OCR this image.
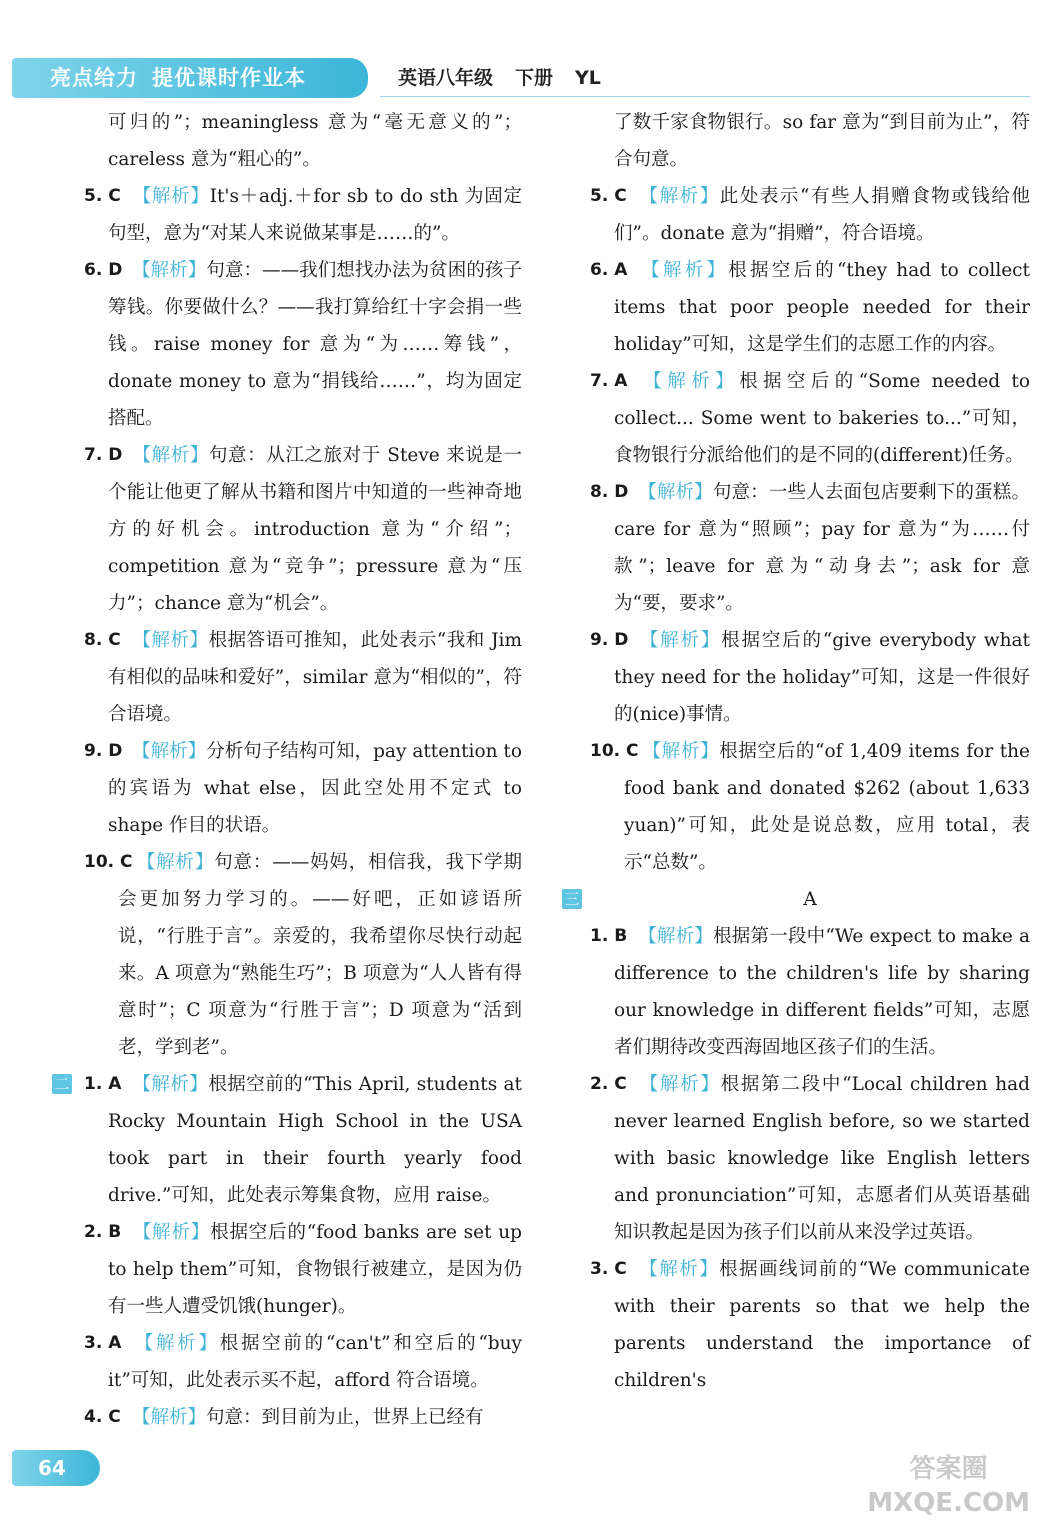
亮点给力 提优课时作业本	英语八年级 下册 YL
可归的”；meaningless 意为“毫无意义的”；careless 意为“粗心的”。
5. C 【解析】It's＋adj.＋for sb to do sth 为固定句型，意为“对某人来说做某事是……的”。
6. D 【解析】句意：——我们想找办法为贫困的孩子筹钱。你要做什么？——我打算给红十字会捐一些钱。raise money for 意为“为……筹钱”，donate money to 意为“捐钱给……”，均为固定搭配。
7. D 【解析】句意：从江之旅对于 Steve 来说是一个能让他更了解从书籍和图片中知道的一些神奇地方的好机会。introduction 意为“介绍”；competition 意为“竞争”；pressure 意为“压力”；chance 意为“机会”。
8. C 【解析】根据答语可推知，此处表示“我和 Jim 有相似的品味和爱好”，similar 意为“相似的”，符合语境。
9. D 【解析】分析句子结构可知，pay attention to 的宾语为 what else，因此空处用不定式 to shape 作目的状语。
10. C 【解析】句意：——妈妈，相信我，我下学期会更加努力学习的。——好吧，正如谚语所说，“行胜于言”。亲爱的，我希望你尽快行动起来。A 项意为“熟能生巧”；B 项意为“人人皆有得意时”；C 项意为“行胜于言”；D 项意为“活到老，学到老”。
二 1. A 【解析】根据空前的“This April, students at Rocky Mountain High School in the USA took part in their fourth yearly food drive.”可知，此处表示筹集食物，应用 raise。
2. B 【解析】根据空后的“food banks are set up to help them”可知，食物银行被建立，是因为仍有一些人遭受饥饿(hunger)。
3. A 【解析】根据空前的“can't”和空后的“buy it”可知，此处表示买不起，afford 符合语境。
4. C 【解析】句意：到目前为止，世界上已经有
了数千家食物银行。so far 意为“到目前为止”，符合句意。
5. C 【解析】此处表示“有些人捐赠食物或钱给他们”。donate 意为“捐赠”，符合语境。
6. A 【解析】根据空后的“they had to collect items that poor people needed for their holiday”可知，这是学生们的志愿工作的内容。
7. A 【解析】根据空后的“Some needed to collect... Some went to bakeries to...”可知，食物银行分派给他们的是不同的(different)任务。
8. D 【解析】句意：一些人去面包店要剩下的蛋糕。care for 意为“照顾”；pay for 意为“为……付款”；leave for 意为“动身去”；ask for 意为“要，要求”。
9. D 【解析】根据空后的“give everybody what they need for the holiday”可知，这是一件很好的(nice)事情。
10. C 【解析】根据空后的“of 1,409 items for the food bank and donated $262 (about 1,633 yuan)”可知，此处是说总数，应用 total，表示“总数”。
三	A
1. B 【解析】根据第一段中“We expect to make a difference to the children's life by sharing our knowledge in different fields”可知，志愿者们期待改变西海固地区孩子们的生活。
2. C 【解析】根据第二段中“Local children had never learned English before, so we started with basic knowledge like English letters and pronunciation”可知，志愿者们从英语基础知识教起是因为孩子们以前从来没学过英语。
3. C 【解析】根据画线词前的“We communicate with their parents so that we help the parents understand the importance of children's
64	答案圈
MXQE.COM
